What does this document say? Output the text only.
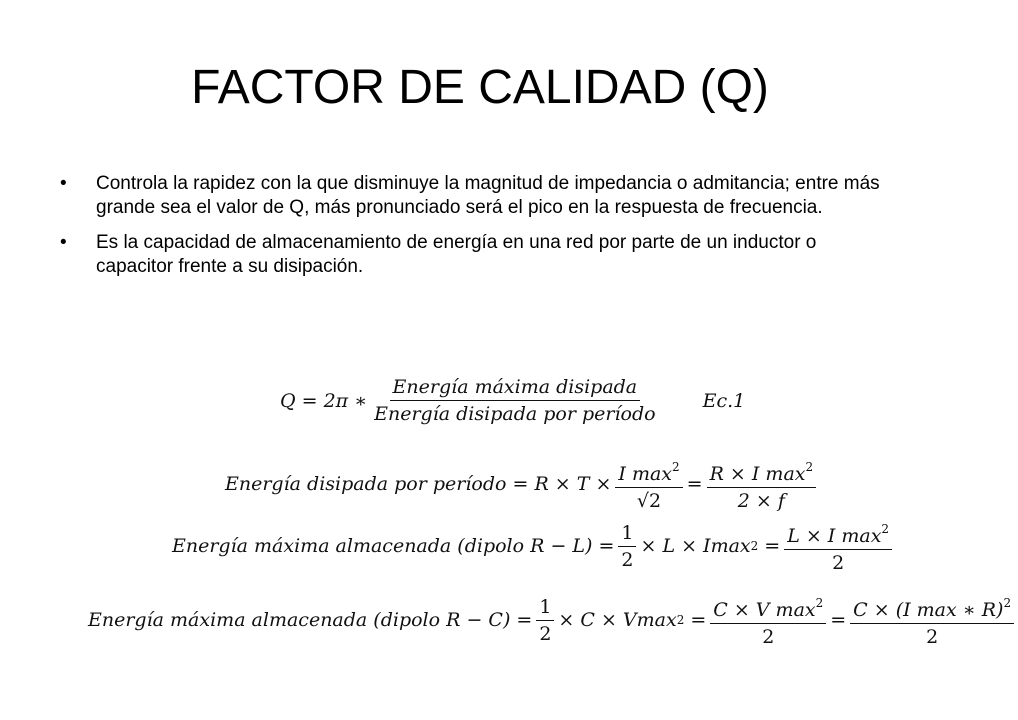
FACTOR DE CALIDAD (Q)
• Controla la rapidez con la que disminuye la magnitud de impedancia o admitancia; entre más grande sea el valor de Q, más pronunciado será el pico en la respuesta de frecuencia.
• Es la capacidad de almacenamiento de energía en una red por parte de un inductor o capacitor frente a su disipación.
Q = 2π ∗ $\frac{\text{Energía máxima disipada}}{\text{Energía disipada por período}} Ec.1$
Energía disipada por período = $R \times T \times \frac{I \max^2}{√2} = \frac{R \times I \max^2}{2 \times f}$
Energía máxima almacenada (dipolo $R - L) = \frac{1}{2} \times L \times Imax$ $2 = \frac{L \times I \max^2}{2}$
Energía máxima almacenada (dipolo $R - C) = \frac{1}{2} \times C \times Vmax$ $2 = \frac{C \times V \max^2}{2} = \frac{C \times (I \max ∗ R)^2}{2}$
